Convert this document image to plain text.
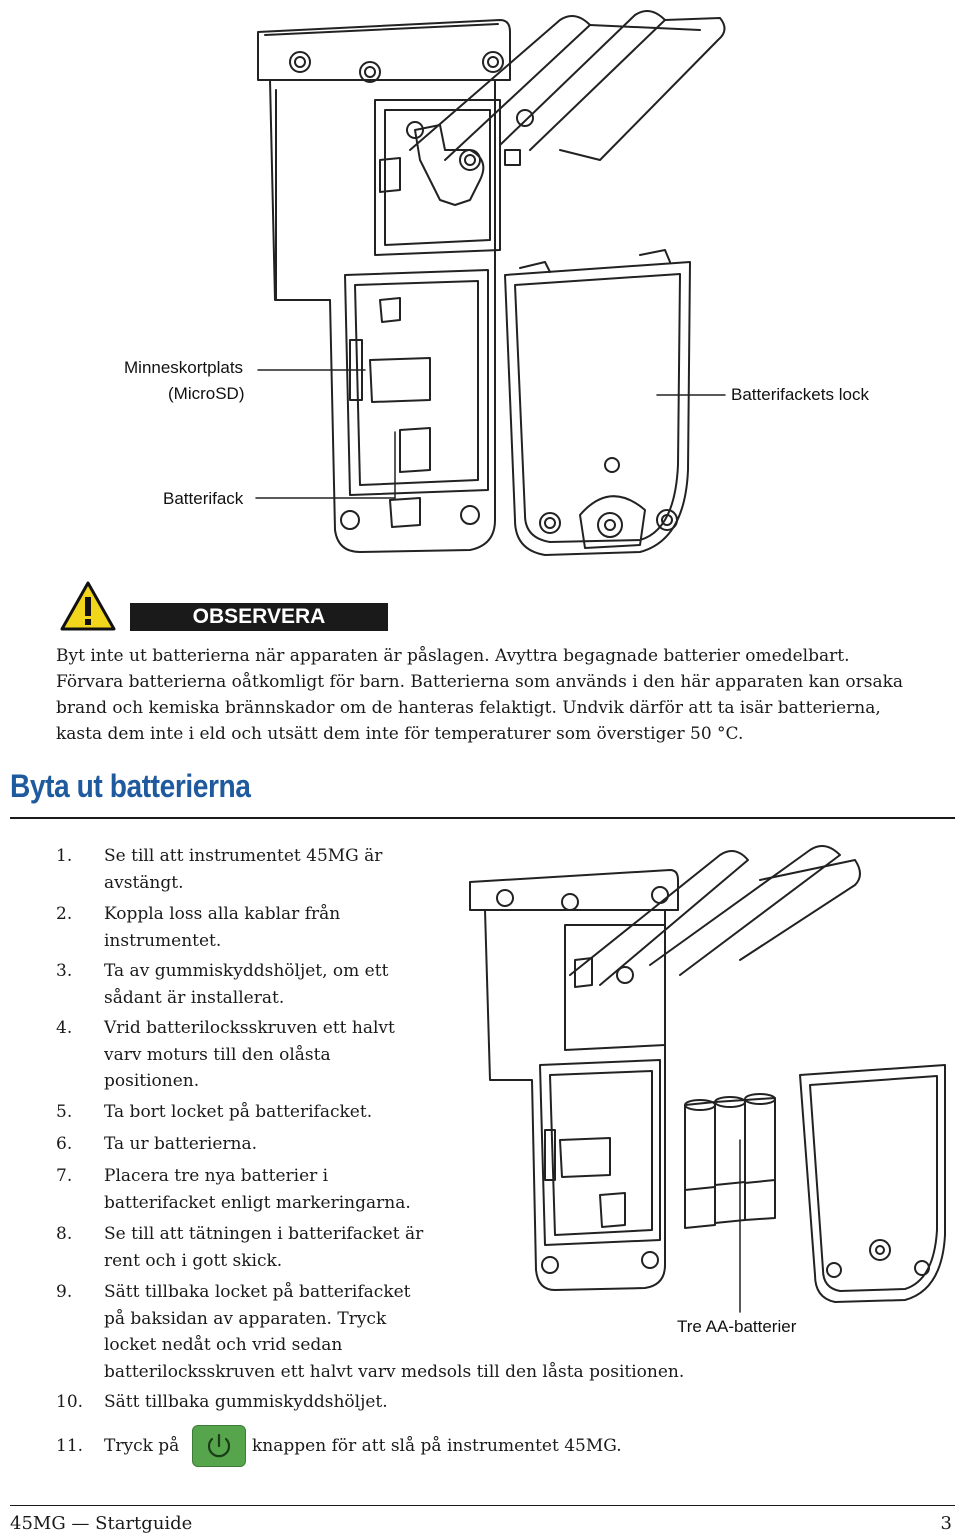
Minneskortplats
(MicroSD)	Batterifackets lock
Batterifack
OBSERVERA
Byt inte ut batterierna när apparaten är påslagen. Avyttra begagnade batterier omedelbart.
Förvara batterierna oåtkomligt för barn. Batterierna som används i den här apparaten kan orsaka
brand och kemiska brännskador om de hanteras felaktigt. Undvik därför att ta isär batterierna,
kasta dem inte i eld och utsätt dem inte för temperaturer som överstiger 50 °C.
Byta ut batterierna
Tre AA-batterier
1.	Se till att instrumentet 45MG är
avstängt.
2.	Koppla loss alla kablar från
instrumentet.
3.	Ta av gummiskyddshöljet, om ett
sådant är installerat.
4.	Vrid batterilocksskruven ett halvt
varv moturs till den olåsta
positionen.
5.	Ta bort locket på batterifacket.
6.	Ta ur batterierna.
7.	Placera tre nya batterier i
batterifacket enligt markeringarna.
8.	Se till att tätningen i batterifacket är
rent och i gott skick.
9.	Sätt tillbaka locket på batterifacket
på baksidan av apparaten. Tryck
locket nedåt och vrid sedan
batterilocksskruven ett halvt varv medsols till den låsta positionen.
10.	Sätt tillbaka gummiskyddshöljet.
11.	Tryck på	knappen för att slå på instrumentet 45MG.
45MG — Startguide	3
